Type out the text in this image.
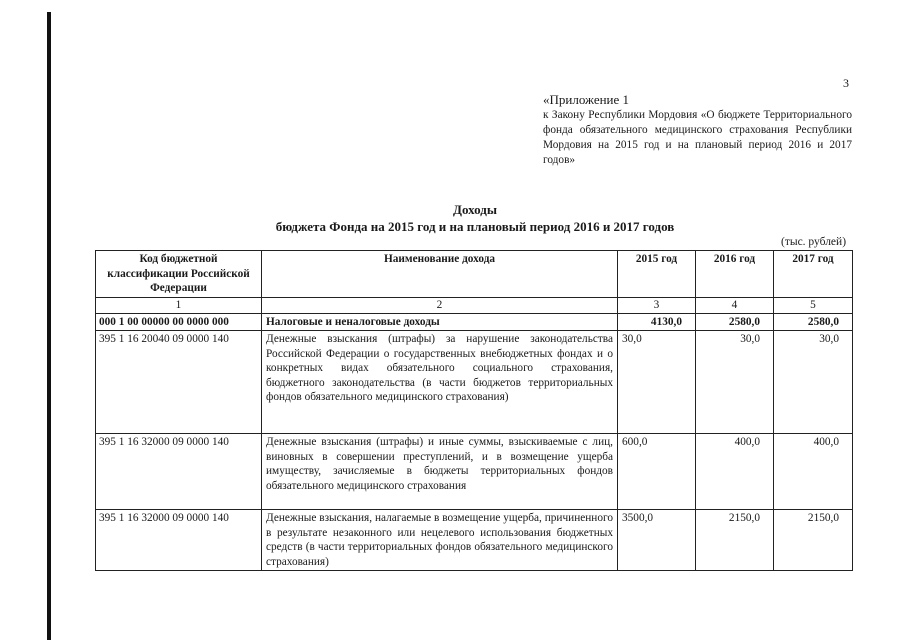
3
«Приложение 1
к Закону Республики Мордовия «О бюджете Территориального фонда обязательного медицинского страхования Республики Мордовия на 2015 год и на плановый период 2016 и 2017 годов»
Доходы
бюджета Фонда на 2015 год и на плановый период 2016 и 2017 годов
(тыс. рублей)
Код бюджетной классификации Российской Федерации	Наименование дохода	2015 год	2016 год	2017 год
1	2	3	4	5
000 1 00 00000 00 0000 000	Налоговые и неналоговые доходы	4130,0	2580,0	2580,0
395 1 16 20040 09 0000 140	Денежные взыскания (штрафы) за нарушение законодательства Российской Федерации о государственных внебюджетных фондах и о конкретных видах обязательного социального страхования, бюджетного законодательства (в части бюджетов территориальных фондов обязательного медицинского страхования)	30,0	30,0	30,0
395 1 16 32000 09 0000 140	Денежные взыскания (штрафы) и иные суммы, взыскиваемые с лиц, виновных в совершении преступлений, и в возмещение ущерба имуществу, зачисляемые в бюджеты территориальных фондов обязательного медицинского страхования	600,0	400,0	400,0
395 1 16 32000 09 0000 140	Денежные взыскания, налагаемые в возмещение ущерба, причиненного в результате незаконного или нецелевого использования бюджетных средств (в части территориальных фондов обязательного медицинского страхования)	3500,0	2150,0	2150,0
